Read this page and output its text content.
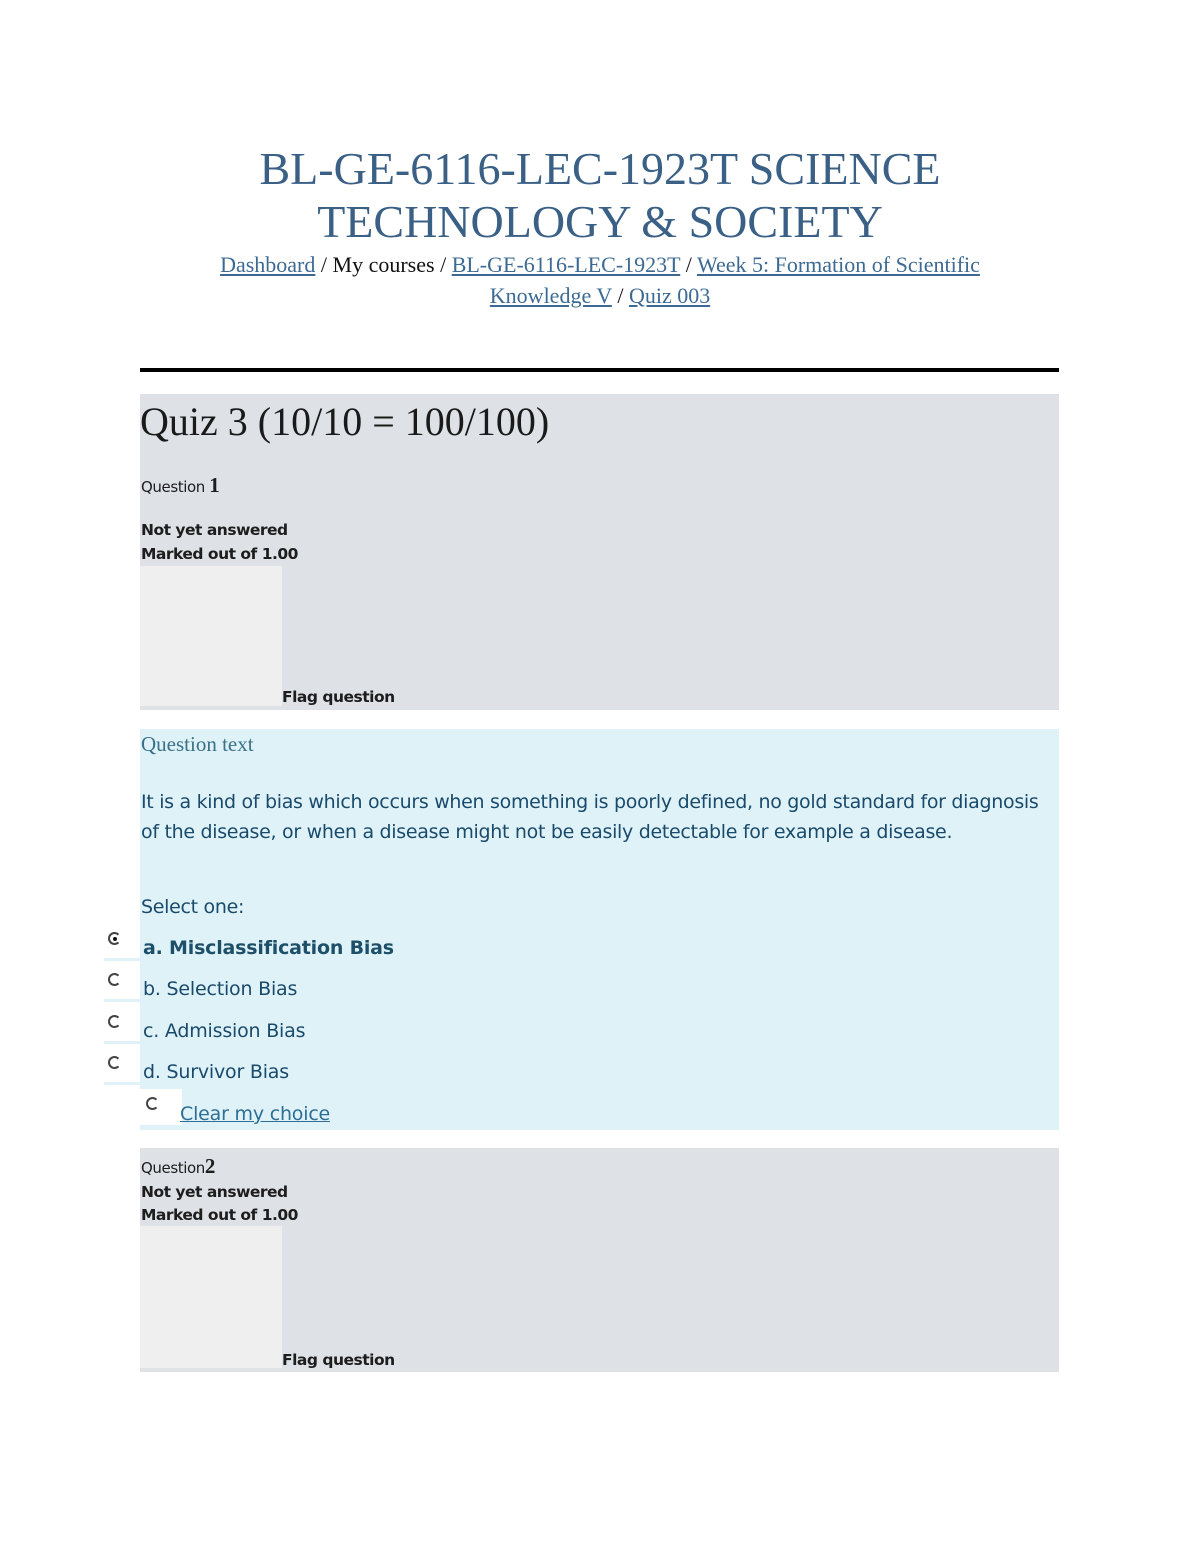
BL-GE-6116-LEC-1923T SCIENCE TECHNOLOGY & SOCIETY
Dashboard / My courses / BL-GE-6116-LEC-1923T / Week 5: Formation of Scientific Knowledge V / Quiz 003
Quiz 3 (10/10 = 100/100)
Question 1
Not yet answered
Marked out of 1.00
Flag question
Question text
It is a kind of bias which occurs when something is poorly defined, no gold standard for diagnosis of the disease, or when a disease might not be easily detectable for example a disease.
Select one:
a. Misclassification Bias
b. Selection Bias
c. Admission Bias
d. Survivor Bias
Clear my choice
Question2
Not yet answered
Marked out of 1.00
Flag question
